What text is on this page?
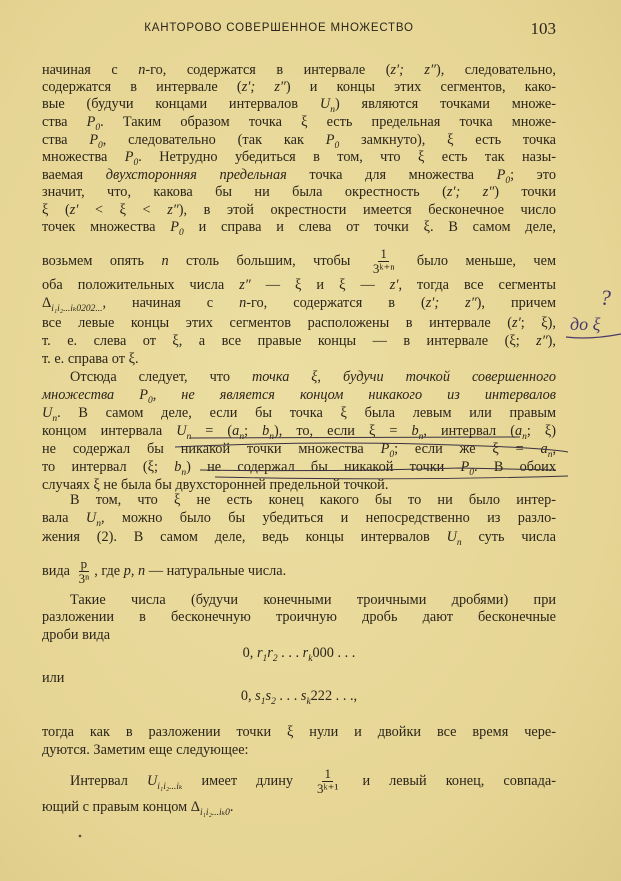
КАНТОРОВО СОВЕРШЕННОЕ МНОЖЕСТВО	103
начиная с n-го, содержатся в интервале (z′; z″), следовательно,
содержатся в интервале (z′; z″) и концы этих сегментов, како-
вые (будучи концами интервалов $U_n$) являются точками множе-
ства $P_0$. Таким образом точка ξ есть предельная точка множе-
ства $P_0$, следовательно (так как $P_0$ замкнуто), ξ есть точка
множества $P_0$. Нетрудно убедиться в том, что ξ есть так назы-
ваемая двухсторонняя предельная точка для множества $P_0$; это
значит, что, какова бы ни была окрестность (z′; z″) точки
ξ (z′ < ξ < z″), в этой окрестности имеется бесконечное число
точек множества $P_0$ и справа и слева от точки ξ. В самом деле,
возьмем опять n столь большим, чтобы $\frac{1}{\text{3ᵏ⁺ⁿ}}$ было меньше, чем
оба положительных числа z″ — ξ и ξ — z′, тогда все сегменты
$\Delta_{i_1i_2...i_k0202...}$, начиная с n-го, содержатся в (z′; z″), причем
все левые концы этих сегментов расположены в интервале (z′; ξ),
т. е. слева от ξ, а все правые концы — в интервале (ξ; z″),
т. е. справа от ξ.
Отсюда следует, что точка ξ, будучи точкой совершенного
множества $P_0$, не является концом никакого из интервалов
$U_n$. В самом деле, если бы точка ξ была левым или правым
концом интервала $U_n = (a_n$; $b_n$), то, если $\xi = b_n$, интервал ($a_n$; ξ)
не содержал бы никакой точки множества $P_0$; если же $\xi = a_n$,
то интервал (ξ; $b_n$) не содержал бы никакой точки $P_0$. В обоих
случаях ξ не была бы двухсторонней предельной точкой.
В том, что ξ не есть конец какого бы то ни было интер-
вала $U_n$, можно было бы убедиться и непосредственно из разло-
жения (2). В самом деле, ведь концы интервалов $U_n$ суть числа
вида $\frac{p}{\text{3ⁿ}}$ , где p, n — натуральные числа.
Такие числа (будучи конечными троичными дробями) при
разложении в бесконечную троичную дробь дают бесконечные
дроби вида
0, $r_1r_2$ . . . $r_k000$ . . .
или
0, $s_1s_2$ . . . $s_k222$ . . .,
тогда как в разложении точки ξ нули и двойки все время чере-
дуются. Заметим еще следующее:
Интервал $U_{i_1i_2...i_k}$ имеет длину $\frac{1}{\text{3ᵏ⁺¹}}$ и левый конец, совпада-
ющий с правым концом $\Delta_{i_1i_2...i_k0}$.
?
до ξ
